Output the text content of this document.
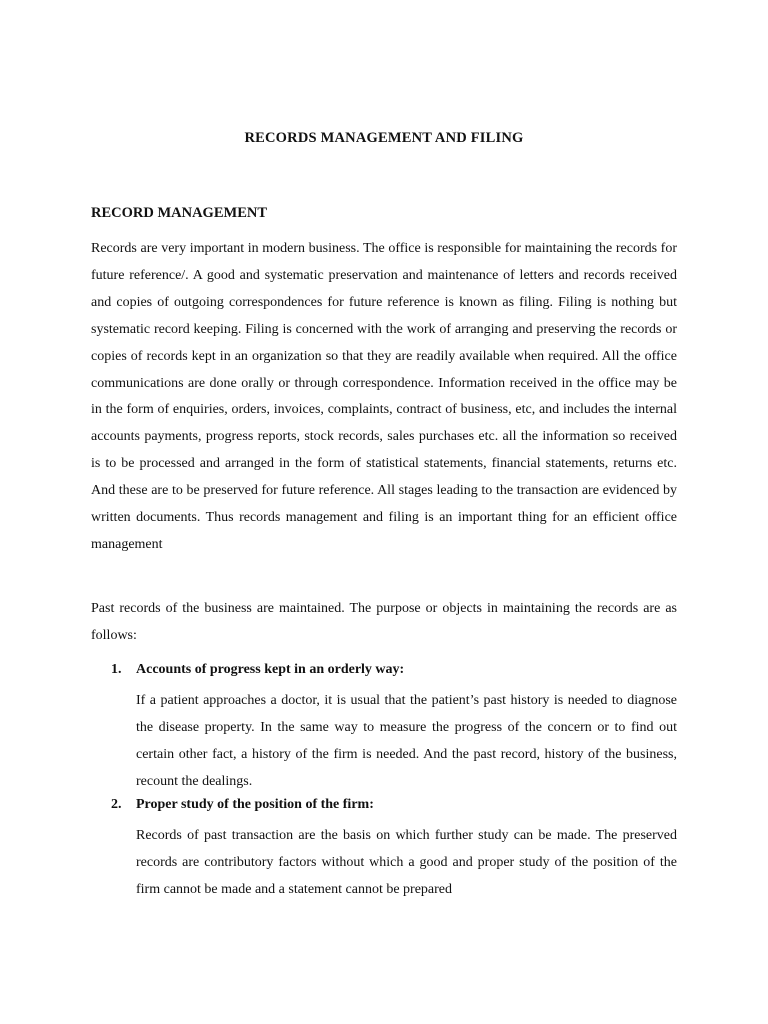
RECORDS MANAGEMENT AND FILING
RECORD MANAGEMENT

Records are very important in modern business. The office is responsible for maintaining the records for future reference/. A good and systematic preservation and maintenance of letters and records received and copies of outgoing correspondences for future reference is known as filing. Filing is nothing but systematic record keeping. Filing is concerned with the work of arranging and preserving the records or copies of records kept in an organization so that they are readily available when required. All the office communications are done orally or through correspondence. Information received in the office may be in the form of enquiries, orders, invoices, complaints, contract of business, etc, and includes the internal accounts payments, progress reports, stock records, sales purchases etc. all the information so received is to be processed and arranged in the form of statistical statements, financial statements, returns etc. And these are to be preserved for future reference. All stages leading to the transaction are evidenced by written documents. Thus records management and filing is an important thing for an efficient office management

Past records of the business are maintained. The purpose or objects in maintaining the records are as follows:

1. Accounts of progress kept in an orderly way:

If a patient approaches a doctor, it is usual that the patient’s past history is needed to diagnose the disease property. In the same way to measure the progress of the concern or to find out certain other fact, a history of the firm is needed. And the past record, history of the business, recount the dealings.

2. Proper study of the position of the firm:

Records of past transaction are the basis on which further study can be made. The preserved records are contributory factors without which a good and proper study of the position of the firm cannot be made and a statement cannot be prepared
